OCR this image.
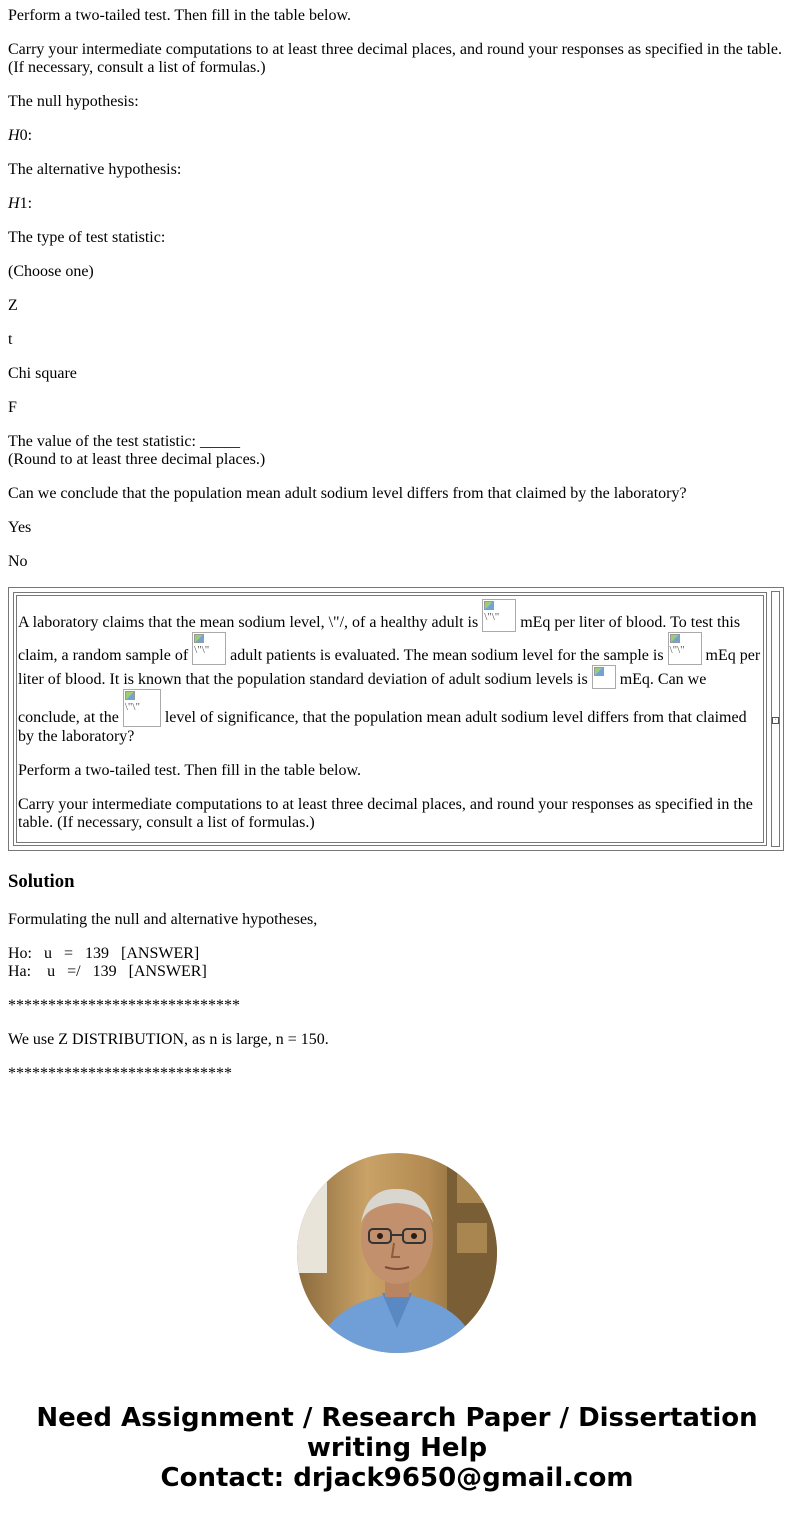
Perform a two-tailed test. Then fill in the table below.

Carry your intermediate computations to at least three decimal places, and round your responses as specified in the table. (If necessary, consult a list of formulas.)

The null hypothesis:

H0:

The alternative hypothesis:

H1:

The type of test statistic:

(Choose one)

Z

t

Chi square

F

The value of the test statistic: _____
(Round to at least three decimal places.)

Can we conclude that the population mean adult sodium level differs from that claimed by the laboratory?

Yes

No

A laboratory claims that the mean sodium level, \"/, of a healthy adult is
\"\" mEq per liter of blood. To test this claim, a random sample of
\"\" adult patients is evaluated. The mean sodium level for the sample is
\"\" mEq per liter of blood. It is known that the population standard deviation of adult sodium levels is  mEq. Can we conclude, at the
\"\" level of significance, that the population mean adult sodium level differs from that claimed by the laboratory?

Perform a two-tailed test. Then fill in the table below.

Carry your intermediate computations to at least three decimal places, and round your responses as specified in the table. (If necessary, consult a list of formulas.)

·
Solution

Formulating the null and alternative hypotheses,

Ho:   u   =   139   [ANSWER]
Ha:    u   =/   139   [ANSWER]

*****************************

We use Z DISTRIBUTION, as n is large, n = 150.

****************************

Need Assignment / Research Paper / Dissertation
writing Help
Contact: drjack9650@gmail.com
